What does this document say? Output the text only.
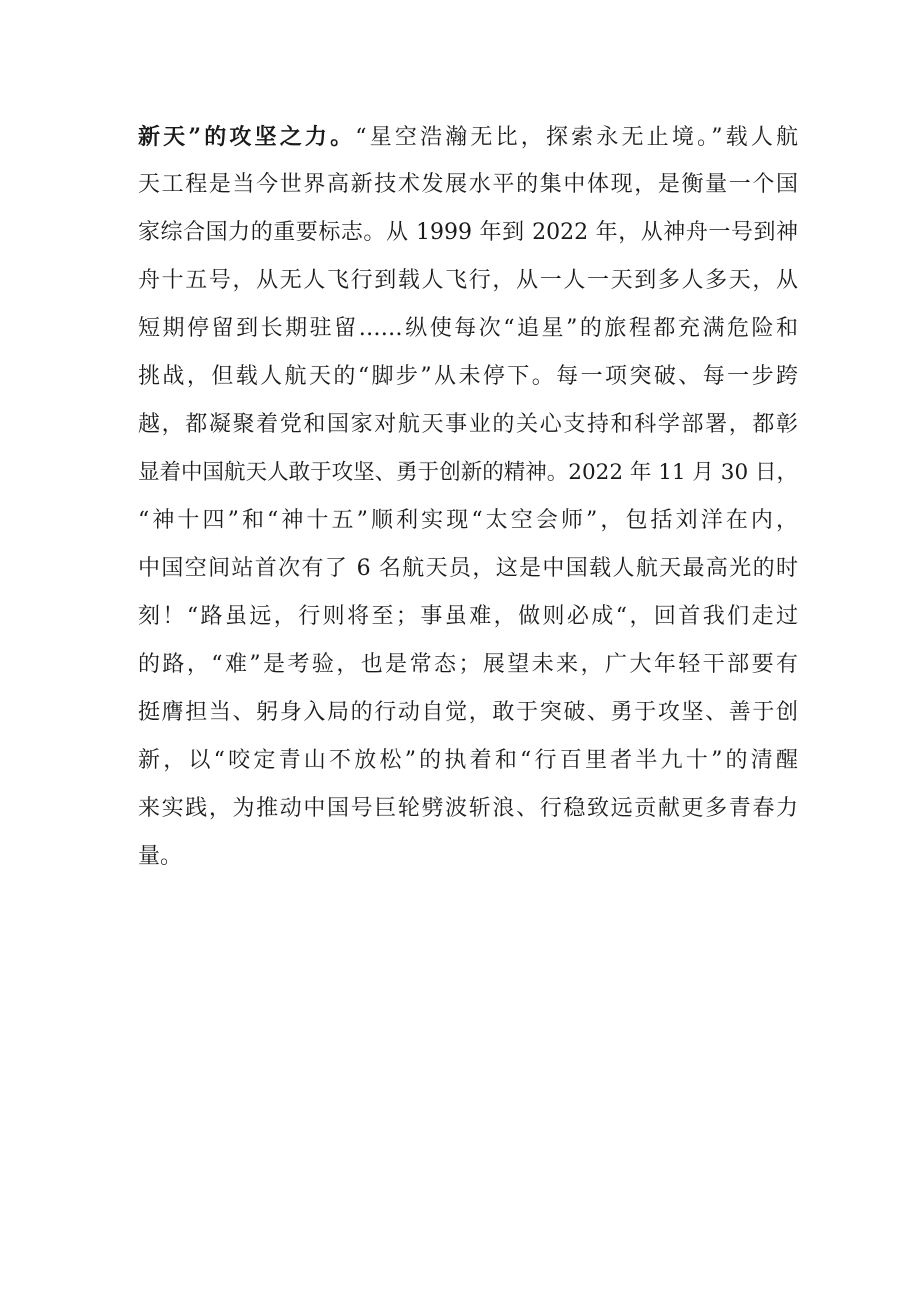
新天”的攻坚之力。“星空浩瀚无比，探索永无止境。”载人航
天工程是当今世界高新技术发展水平的集中体现，是衡量一个国
家综合国力的重要标志。从 1999 年到 2022 年，从神舟一号到神
舟十五号，从无人飞行到载人飞行，从一人一天到多人多天，从
短期停留到长期驻留……纵使每次“追星”的旅程都充满危险和
挑战，但载人航天的“脚步”从未停下。每一项突破、每一步跨
越，都凝聚着党和国家对航天事业的关心支持和科学部署，都彰
显着中国航天人敢于攻坚、勇于创新的精神。2022 年 11 月 30 日，
“神十四”和“神十五”顺利实现“太空会师”，包括刘洋在内，
中国空间站首次有了 6 名航天员，这是中国载人航天最高光的时
刻！“路虽远，行则将至；事虽难，做则必成“，回首我们走过
的路，“难”是考验，也是常态；展望未来，广大年轻干部要有
挺膺担当、躬身入局的行动自觉，敢于突破、勇于攻坚、善于创
新，以“咬定青山不放松”的执着和“行百里者半九十”的清醒
来实践，为推动中国号巨轮劈波斩浪、行稳致远贡献更多青春力
量。
